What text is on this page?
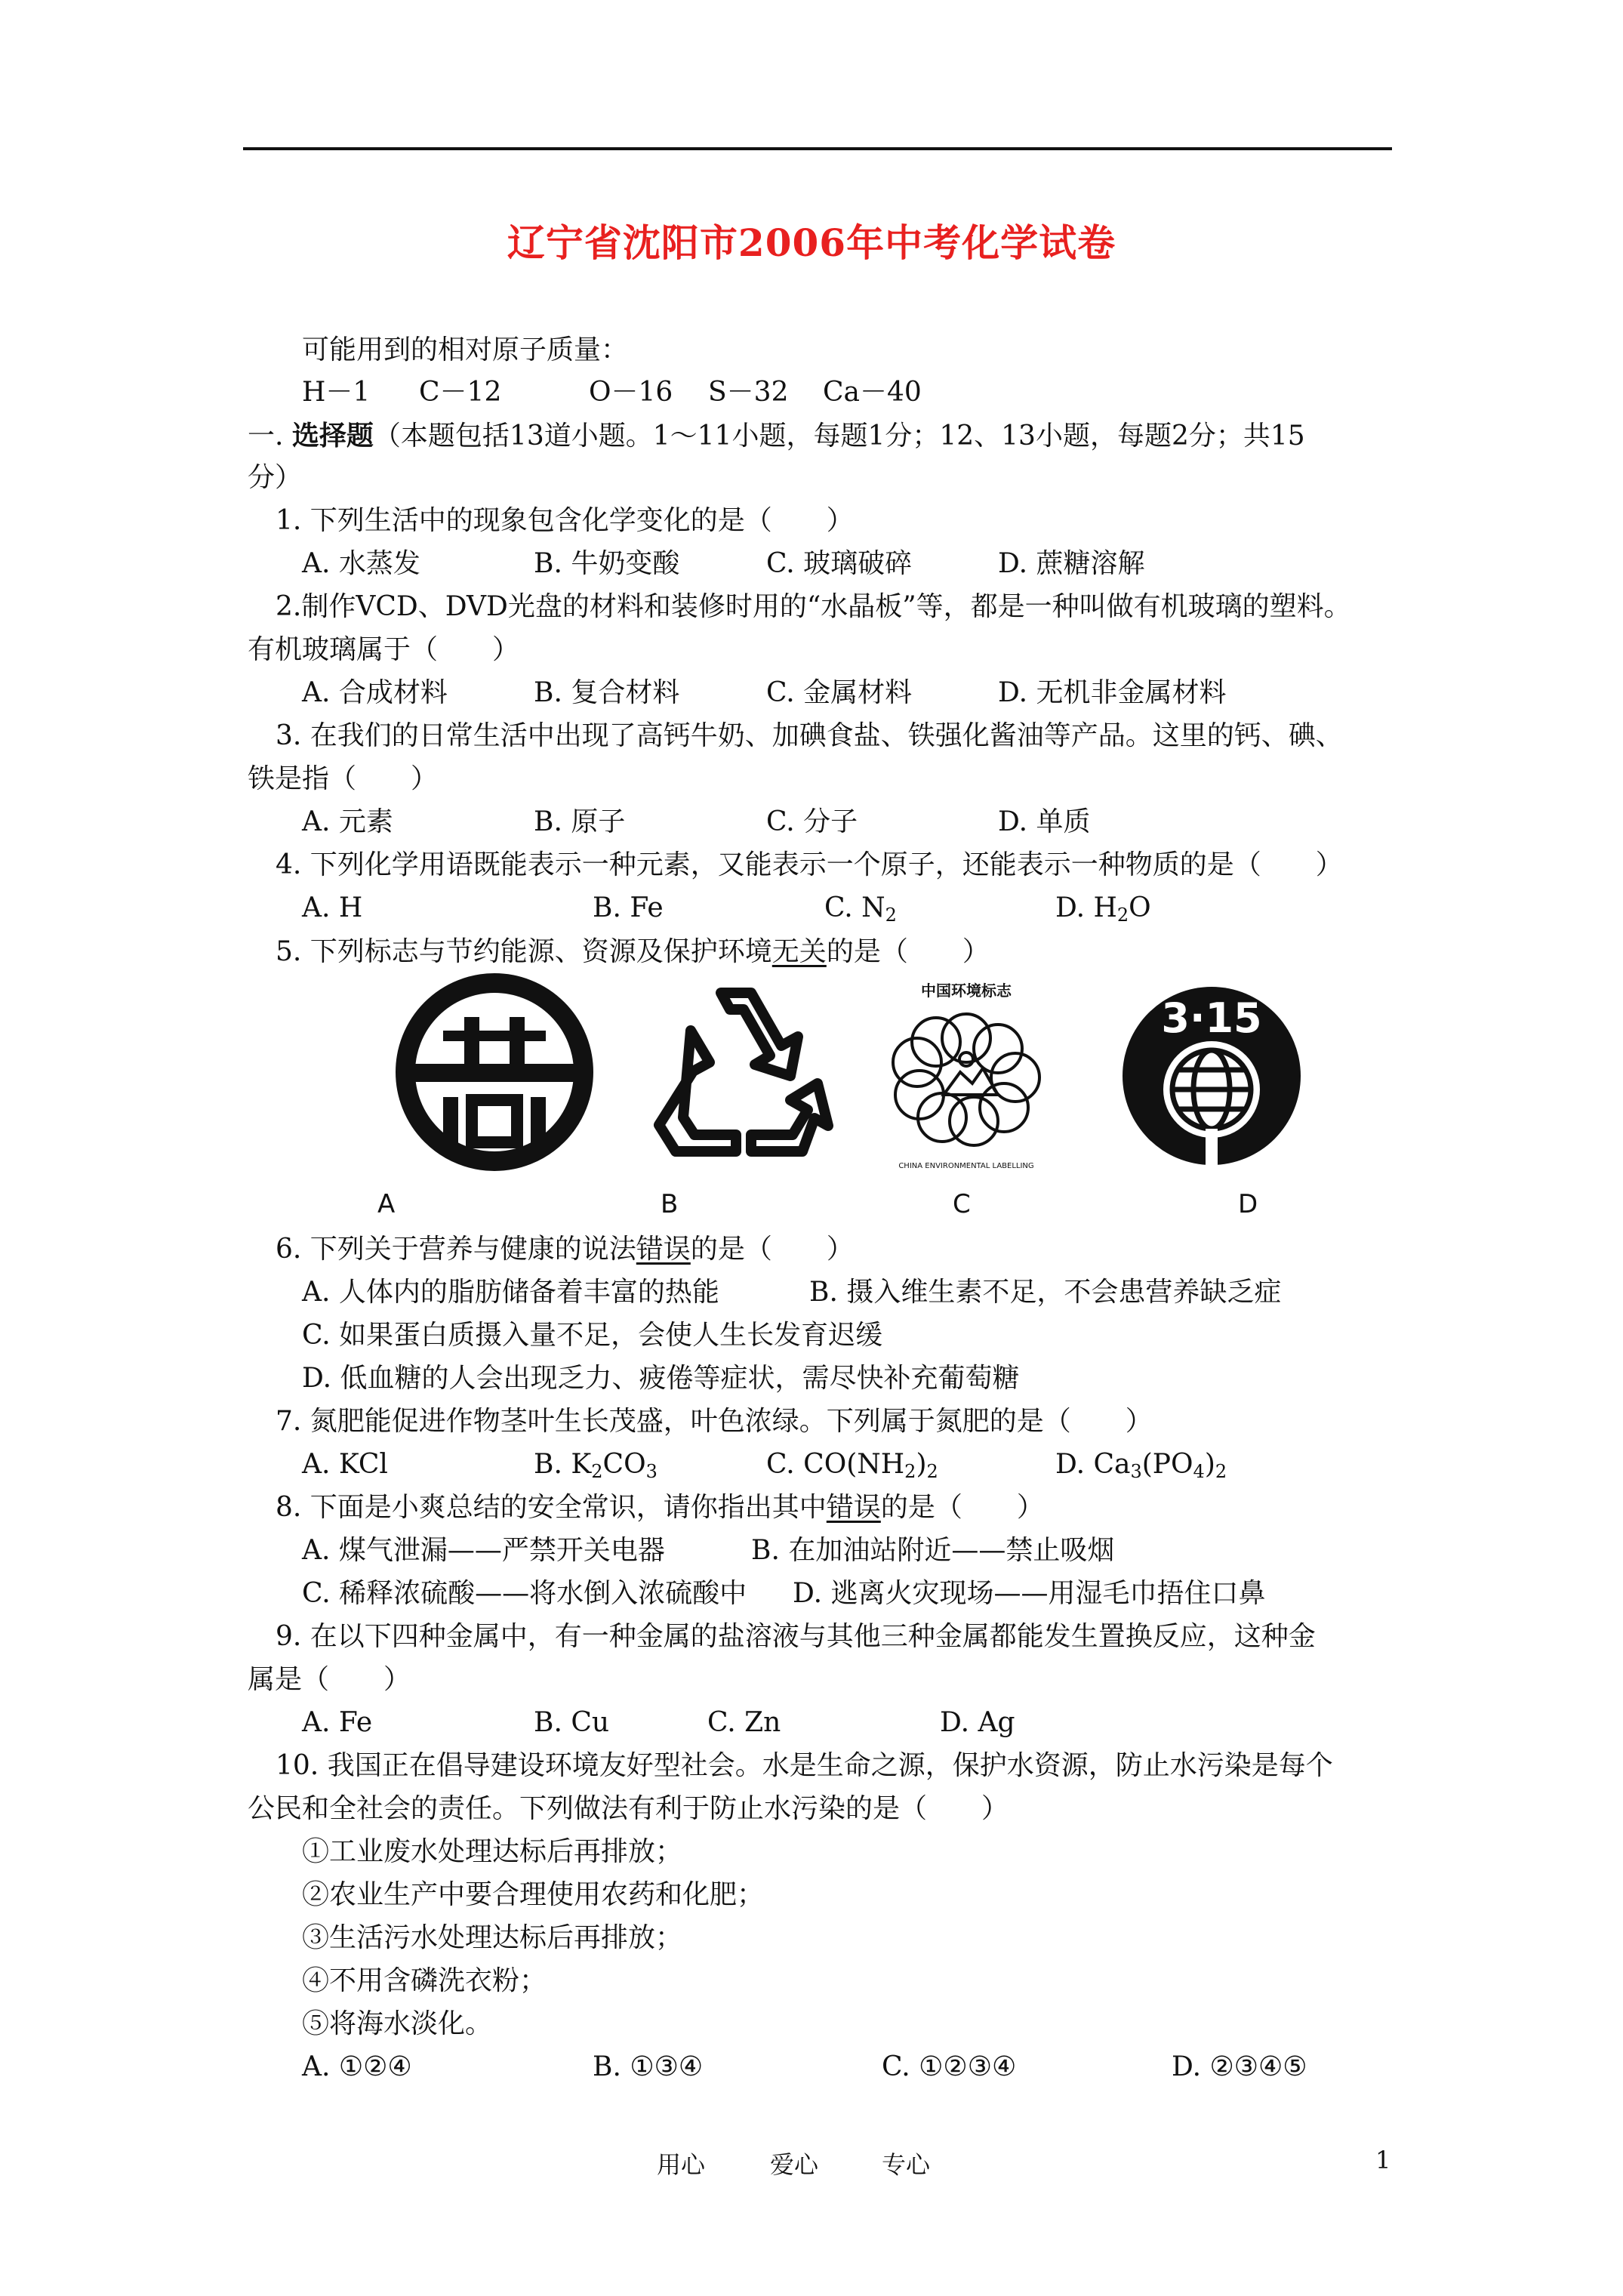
辽宁省沈阳市2006年中考化学试卷
可能用到的相对原子质量：
H－1 C－12	O－16 S－32 Ca－40
一. 选择题（本题包括13道小题。1～11小题，每题1分；12、13小题，每题2分；共15
分）
1. 下列生活中的现象包含化学变化的是（　　）
A. 水蒸发	B. 牛奶变酸	C. 玻璃破碎	D. 蔗糖溶解
2.制作VCD、DVD光盘的材料和装修时用的“水晶板”等，都是一种叫做有机玻璃的塑料。
有机玻璃属于（　　）
A. 合成材料	B. 复合材料	C. 金属材料	D. 无机非金属材料
3. 在我们的日常生活中出现了高钙牛奶、加碘食盐、铁强化酱油等产品。这里的钙、碘、
铁是指（　　）
A. 元素	B. 原子	C. 分子	D. 单质
4. 下列化学用语既能表示一种元素，又能表示一个原子，还能表示一种物质的是（　　）
A. H	B. Fe	C. $N_2$	D. $H_2O$
5. 下列标志与节约能源、资源及保护环境无关的是（　　）
中国环境标志
CHINA ENVIRONMENTAL LABELLING
3·15
A	B	C	D
6. 下列关于营养与健康的说法错误的是（　　）
A. 人体内的脂肪储备着丰富的热能	B. 摄入维生素不足，不会患营养缺乏症
C. 如果蛋白质摄入量不足，会使人生长发育迟缓
D. 低血糖的人会出现乏力、疲倦等症状，需尽快补充葡萄糖
7. 氮肥能促进作物茎叶生长茂盛，叶色浓绿。下列属于氮肥的是（　　）
A. KCl	B. $K_2CO_3$	C. $CO(NH_2)_2$	D. $Ca_3(PO_4)_2$
8. 下面是小爽总结的安全常识，请你指出其中错误的是（　　）
A. 煤气泄漏——严禁开关电器	B. 在加油站附近——禁止吸烟
C. 稀释浓硫酸——将水倒入浓硫酸中 D. 逃离火灾现场——用湿毛巾捂住口鼻
9. 在以下四种金属中，有一种金属的盐溶液与其他三种金属都能发生置换反应，这种金
属是（　　）
A. Fe	B. Cu	C. Zn	D. Ag
10. 我国正在倡导建设环境友好型社会。水是生命之源，保护水资源，防止水污染是每个
公民和全社会的责任。下列做法有利于防止水污染的是（　　）
①工业废水处理达标后再排放；
②农业生产中要合理使用农药和化肥；
③生活污水处理达标后再排放；
④不用含磷洗衣粉；
⑤将海水淡化。
A. ①②④	B. ①③④	C. ①②③④	D. ②③④⑤
用心	爱心	专心	1
